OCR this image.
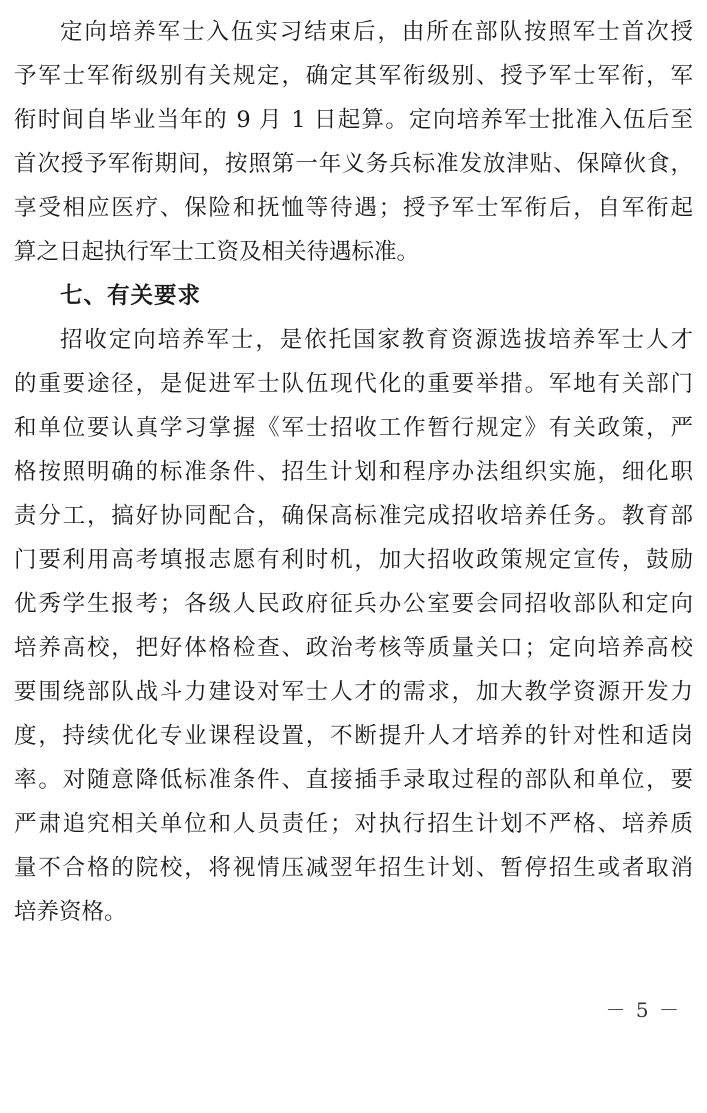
定向培养军士入伍实习结束后，由所在部队按照军士首次授
予军士军衔级别有关规定，确定其军衔级别、授予军士军衔，军
衔时间自毕业当年的 9 月 1 日起算。定向培养军士批准入伍后至
首次授予军衔期间，按照第一年义务兵标准发放津贴、保障伙食，
享受相应医疗、保险和抚恤等待遇；授予军士军衔后，自军衔起
算之日起执行军士工资及相关待遇标准。
七、有关要求
招收定向培养军士，是依托国家教育资源选拔培养军士人才
的重要途径，是促进军士队伍现代化的重要举措。军地有关部门
和单位要认真学习掌握《军士招收工作暂行规定》有关政策，严
格按照明确的标准条件、招生计划和程序办法组织实施，细化职
责分工，搞好协同配合，确保高标准完成招收培养任务。教育部
门要利用高考填报志愿有利时机，加大招收政策规定宣传，鼓励
优秀学生报考；各级人民政府征兵办公室要会同招收部队和定向
培养高校，把好体格检查、政治考核等质量关口；定向培养高校
要围绕部队战斗力建设对军士人才的需求，加大教学资源开发力
度，持续优化专业课程设置，不断提升人才培养的针对性和适岗
率。对随意降低标准条件、直接插手录取过程的部队和单位，要
严肃追究相关单位和人员责任；对执行招生计划不严格、培养质
量不合格的院校，将视情压减翌年招生计划、暂停招生或者取消
培养资格。
－ 5 －
